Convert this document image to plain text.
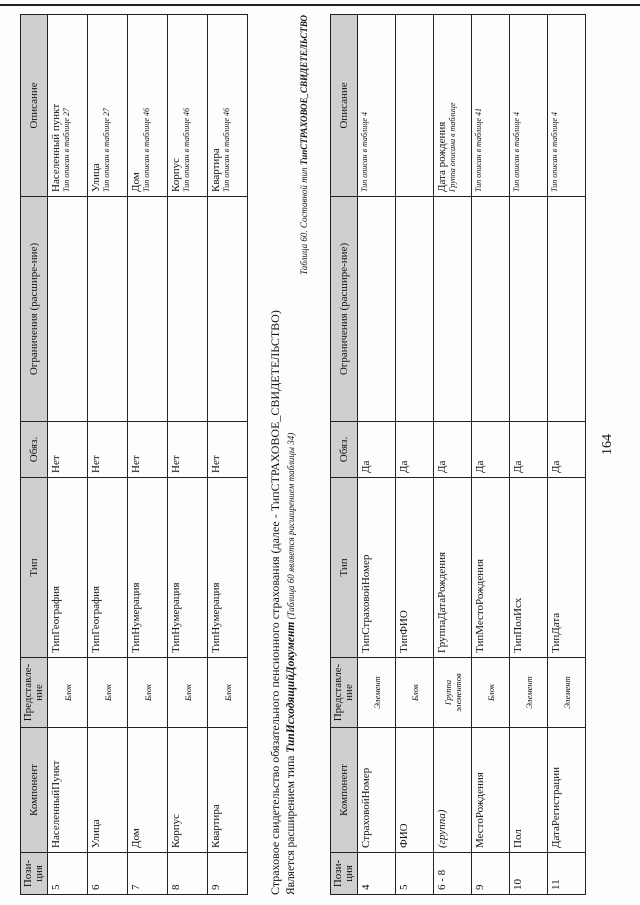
164
Пози-ция	Компонент	Представле-ние	Тип	Обяз.	Ограничения (расшире-ние)	Описание
5	НаселенныйПункт	Блок	ТипГеография	Нет		Населенный пункт Тип описан в таблице 27

6	Улица	Блок	ТипГеография	Нет		Улица Тип описан в таблице 27

7	Дом	Блок	ТипНумерация	Нет		Дом Тип описан в таблице 46

8	Корпус	Блок	ТипНумерация	Нет		Корпус Тип описан в таблице 46

9	Квартира	Блок	ТипНумерация	Нет		Квартира Тип описан в таблице 46
Страховое свидетельство обязательного пенсионного страхования (далее - ТипСТРАХОВОЕ_СВИДЕТЕЛЬСТВО) Является расширением типа ТипИсходящийДокумент (Таблица 60 является расширением таблицы 34)
Таблица 60. Составной тип ТипСТРАХОВОЕ_СВИДЕТЕЛЬСТВО
Пози-ция	Компонент	Представле-ние	Тип	Обяз.	Ограничения (расшире-ние)	Описание
4	СтраховойНомер	Элемент	ТипСтраховойНомер	Да		Тип описан в таблице 4

5	ФИО	Блок	ТипФИО	Да		

6 - 8	(группа)	Группа элементов	ГруппаДатаРождения	Да		Дата рождения Группа описана в таблице

9	МестоРождения	Блок	ТипМестоРождения	Да		Тип описан в таблице 41

10	Пол	Элемент	ТипПолИсх	Да		Тип описан в таблице 4

11	ДатаРегистрации	Элемент	ТипДата	Да		Тип описан в таблице 4
